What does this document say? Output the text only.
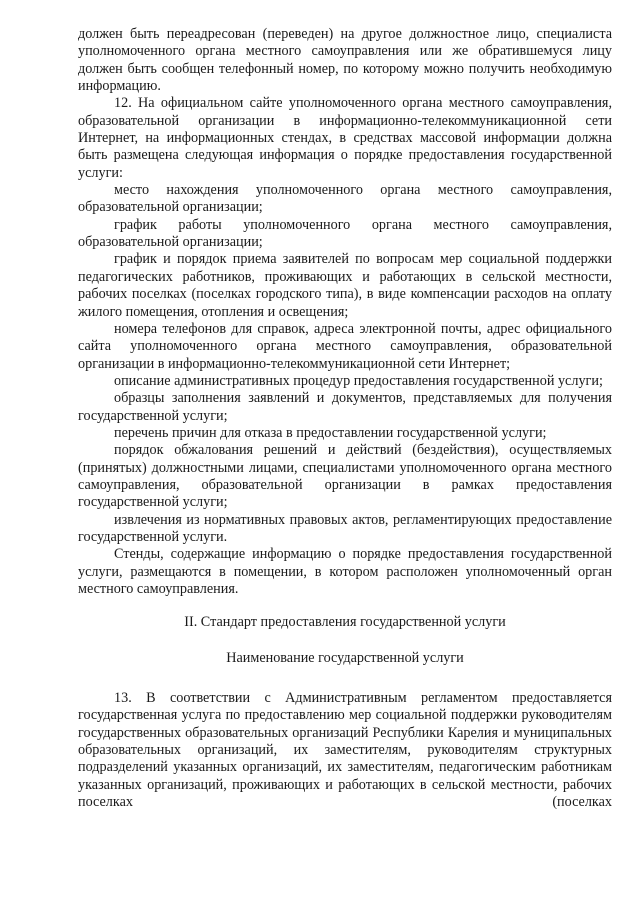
должен быть переадресован (переведен) на другое должностное лицо, специалиста уполномоченного органа местного самоуправления или же обратившемуся лицу должен быть сообщен телефонный номер, по которому можно получить необходимую информацию.

12. На официальном сайте уполномоченного органа местного самоуправления, образовательной организации в информационно-телекоммуникационной сети Интернет, на информационных стендах, в средствах массовой информации должна быть размещена следующая информация о порядке предоставления государственной услуги:

место нахождения уполномоченного органа местного самоуправления, образовательной организации;

график работы уполномоченного органа местного самоуправления, образовательной организации;

график и порядок приема заявителей по вопросам мер социальной поддержки педагогических работников, проживающих и работающих в сельской местности, рабочих поселках (поселках городского типа), в виде компенсации расходов на оплату жилого помещения, отопления и освещения;

номера телефонов для справок, адреса электронной почты, адрес официального сайта уполномоченного органа местного самоуправления, образовательной организации в информационно-телекоммуникационной сети Интернет;

описание административных процедур предоставления государственной услуги;

образцы заполнения заявлений и документов, представляемых для получения государственной услуги;

перечень причин для отказа в предоставлении государственной услуги;

порядок обжалования решений и действий (бездействия), осуществляемых (принятых) должностными лицами, специалистами уполномоченного органа местного самоуправления, образовательной организации в рамках предоставления государственной услуги;

извлечения из нормативных правовых актов, регламентирующих предоставление государственной услуги.

Стенды, содержащие информацию о порядке предоставления государственной услуги, размещаются в помещении, в котором расположен уполномоченный орган местного самоуправления.

II. Стандарт предоставления государственной услуги

Наименование государственной услуги

13. В соответствии с Административным регламентом предоставляется государственная услуга по предоставлению мер социальной поддержки руководителям государственных образовательных организаций Республики Карелия и муниципальных образовательных организаций, их заместителям, руководителям структурных подразделений указанных организаций, их заместителям, педагогическим работникам указанных организаций, проживающих и работающих в сельской местности, рабочих поселках (поселках
